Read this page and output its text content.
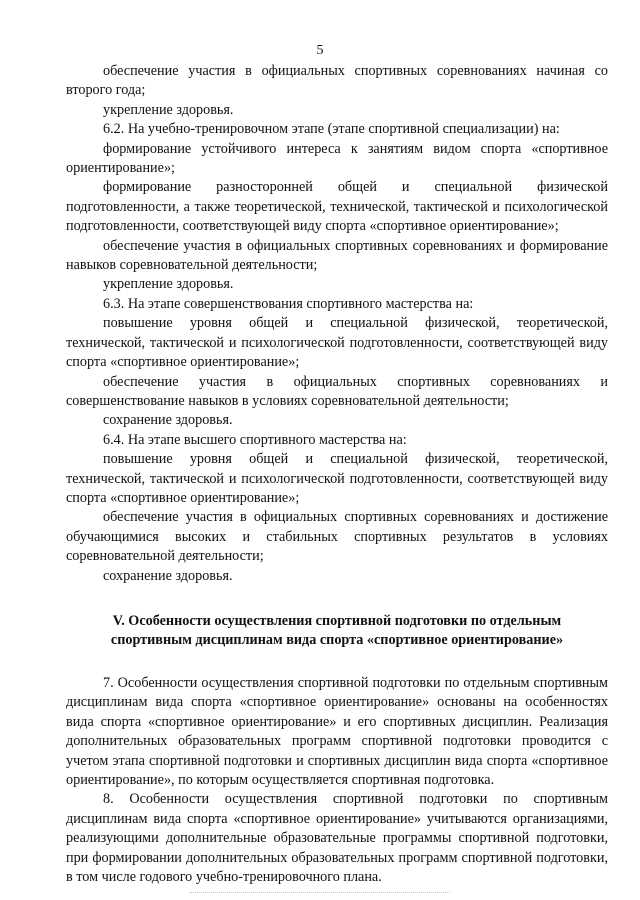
5

обеспечение участия в официальных спортивных соревнованиях начиная со второго года;

укрепление здоровья.

6.2. На учебно-тренировочном этапе (этапе спортивной специализации) на:

формирование устойчивого интереса к занятиям видом спорта «спортивное ориентирование»;

формирование разносторонней общей и специальной физической подготовленности, а также теоретической, технической, тактической и психологической подготовленности, соответствующей виду спорта «спортивное ориентирование»;

обеспечение участия в официальных спортивных соревнованиях и формирование навыков соревновательной деятельности;

укрепление здоровья.

6.3. На этапе совершенствования спортивного мастерства на:

повышение уровня общей и специальной физической, теоретической, технической, тактической и психологической подготовленности, соответствующей виду спорта «спортивное ориентирование»;

обеспечение участия в официальных спортивных соревнованиях и совершенствование навыков в условиях соревновательной деятельности;

сохранение здоровья.

6.4. На этапе высшего спортивного мастерства на:

повышение уровня общей и специальной физической, теоретической, технической, тактической и психологической подготовленности, соответствующей виду спорта «спортивное ориентирование»;

обеспечение участия в официальных спортивных соревнованиях и достижение обучающимися высоких и стабильных спортивных результатов в условиях соревновательной деятельности;

сохранение здоровья.

V. Особенности осуществления спортивной подготовки по отдельным спортивным дисциплинам вида спорта «спортивное ориентирование»

7. Особенности осуществления спортивной подготовки по отдельным спортивным дисциплинам вида спорта «спортивное ориентирование» основаны на особенностях вида спорта «спортивное ориентирование» и его спортивных дисциплин. Реализация дополнительных образовательных программ спортивной подготовки проводится с учетом этапа спортивной подготовки и спортивных дисциплин вида спорта «спортивное ориентирование», по которым осуществляется спортивная подготовка.

8. Особенности осуществления спортивной подготовки по спортивным дисциплинам вида спорта «спортивное ориентирование» учитываются организациями, реализующими дополнительные образовательные программы спортивной подготовки, при формировании дополнительных образовательных программ спортивной подготовки, в том числе годового учебно-тренировочного плана.
